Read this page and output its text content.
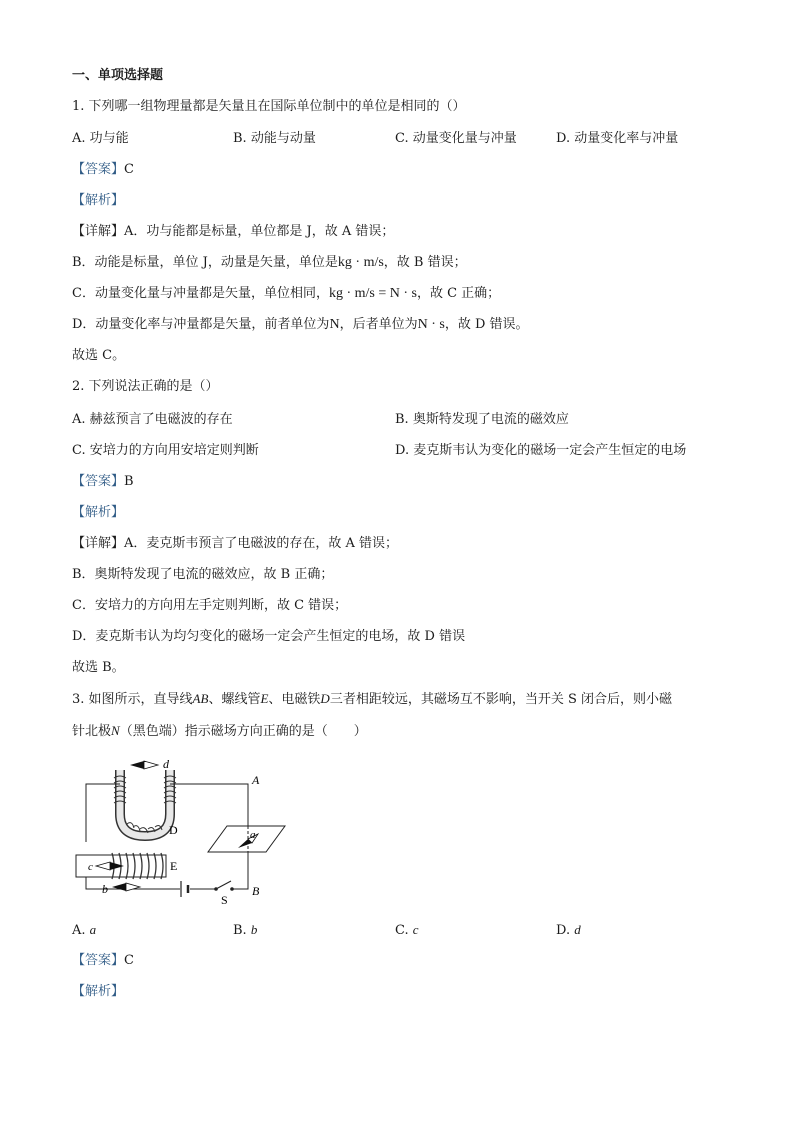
一、单项选择题
1. 下列哪一组物理量都是矢量且在国际单位制中的单位是相同的（）
A. 功与能	B. 动能与动量	C. 动量变化量与冲量	D. 动量变化率与冲量
【答案】C
【解析】
【详解】A．功与能都是标量，单位都是 J，故 A 错误；
B．动能是标量，单位 J，动量是矢量，单位是kg · m/s，故 B 错误；
C．动量变化量与冲量都是矢量，单位相同，kg · m/s = N · s，故 C 正确；
D．动量变化率与冲量都是矢量，前者单位为N，后者单位为N · s，故 D 错误。
故选 C。
2. 下列说法正确的是（）
A. 赫兹预言了电磁波的存在	B. 奥斯特发现了电流的磁效应
C. 安培力的方向用安培定则判断	D. 麦克斯韦认为变化的磁场一定会产生恒定的电场
【答案】B
【解析】
【详解】A．麦克斯韦预言了电磁波的存在，故 A 错误；
B．奥斯特发现了电流的磁效应，故 B 正确；
C．安培力的方向用左手定则判断，故 C 错误；
D．麦克斯韦认为均匀变化的磁场一定会产生恒定的电场，故 D 错误
故选 B。
3. 如图所示，直导线AB、螺线管E、电磁铁D三者相距较远，其磁场互不影响，当开关 S 闭合后，则小磁
针北极N（黑色端）指示磁场方向正确的是（　　）
d
A
D	a
c	E
b
S
B
A. a	B. b	C. c	D. d
【答案】C
【解析】
